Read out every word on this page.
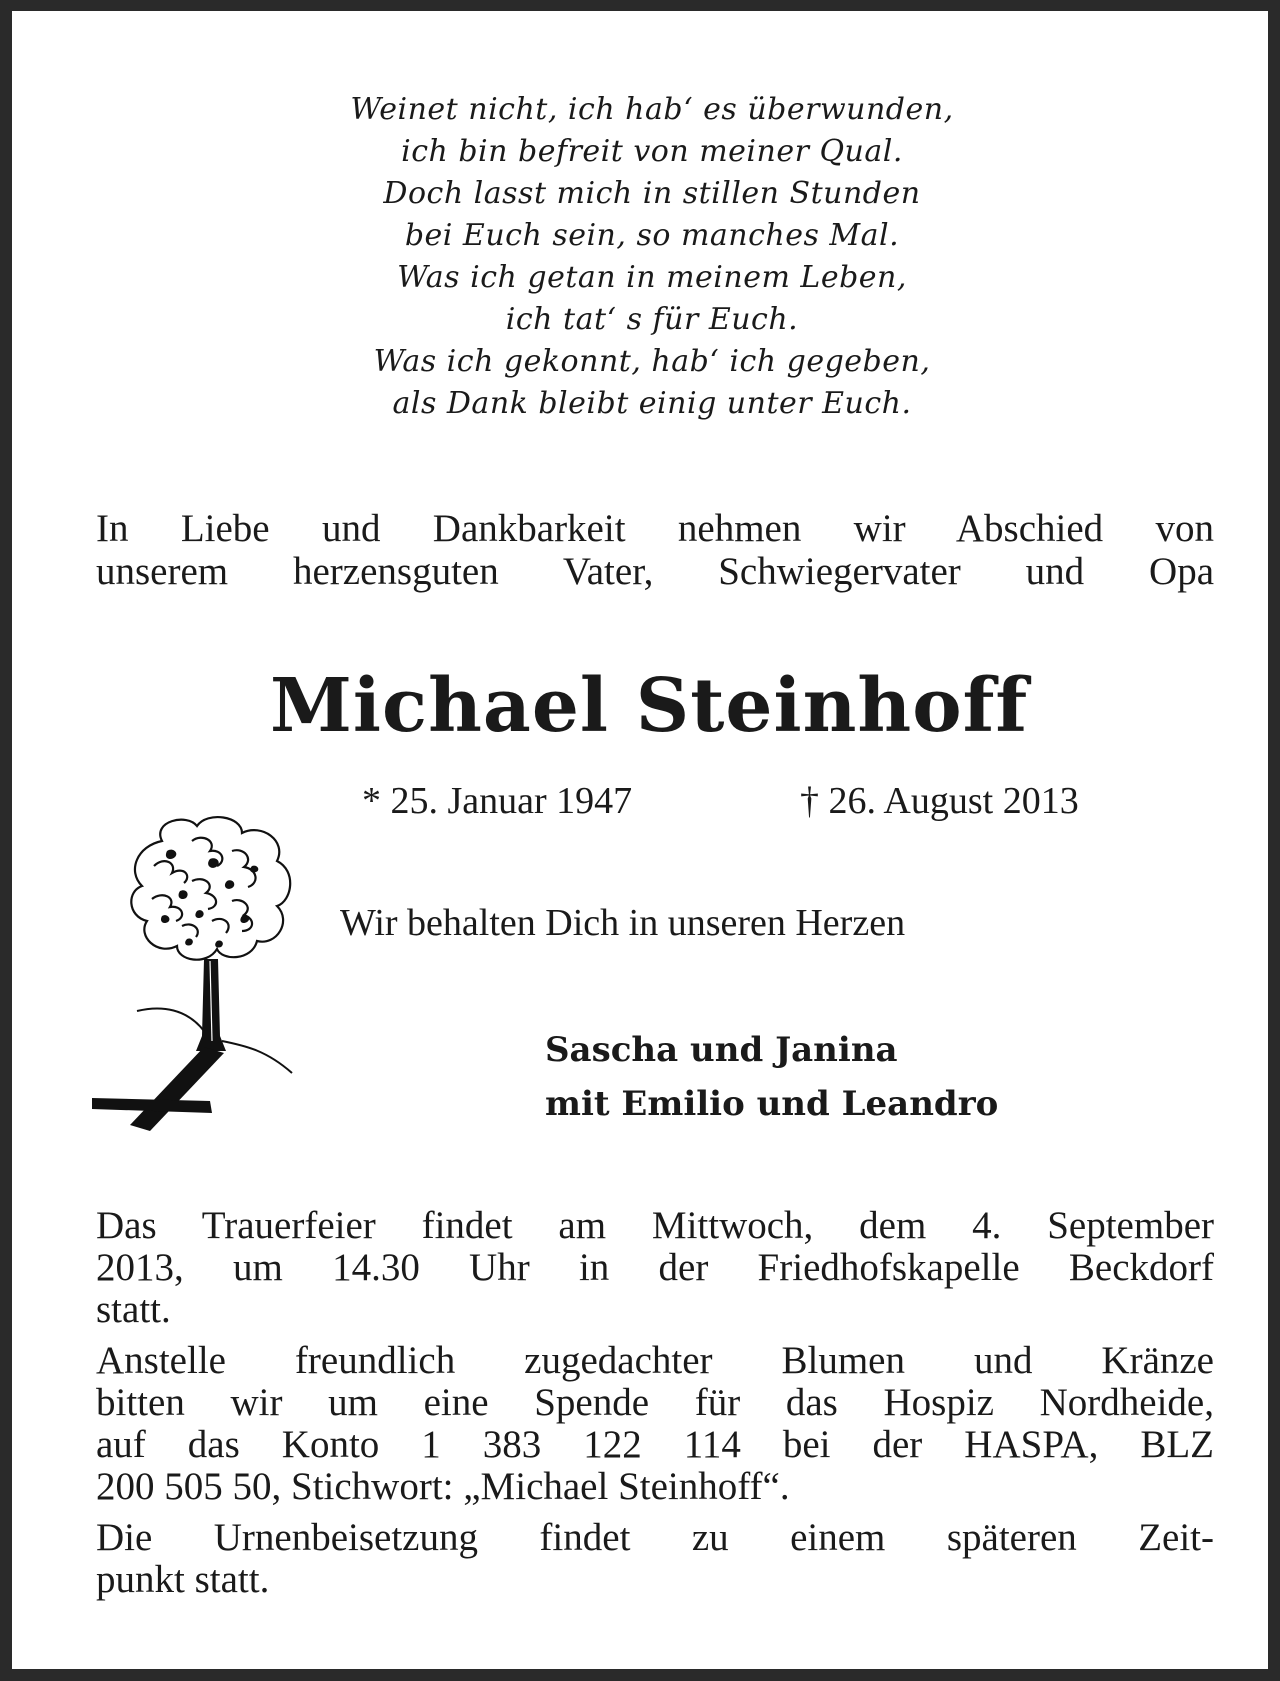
Weinet nicht, ich hab‘ es überwunden,
ich bin befreit von meiner Qual.
Doch lasst mich in stillen Stunden
bei Euch sein, so manches Mal.
Was ich getan in meinem Leben,
ich tat‘ s für Euch.
Was ich gekonnt, hab‘ ich gegeben,
als Dank bleibt einig unter Euch.
In Liebe und Dankbarkeit nehmen wir Abschied von
unserem herzensguten Vater, Schwiegervater und Opa
Michael Steinhoff
* 25. Januar 1947	† 26. August 2013
Wir behalten Dich in unseren Herzen
Sascha und Janina
mit Emilio und Leandro
Das Trauerfeier findet am Mittwoch, dem 4. September
2013, um 14.30 Uhr in der Friedhofskapelle Beckdorf
statt.
Anstelle freundlich zugedachter Blumen und Kränze
bitten wir um eine Spende für das Hospiz Nordheide,
auf das Konto 1 383 122 114 bei der HASPA, BLZ
200 505 50, Stichwort: „Michael Steinhoff“.
Die Urnenbeisetzung findet zu einem späteren Zeit-
punkt statt.
